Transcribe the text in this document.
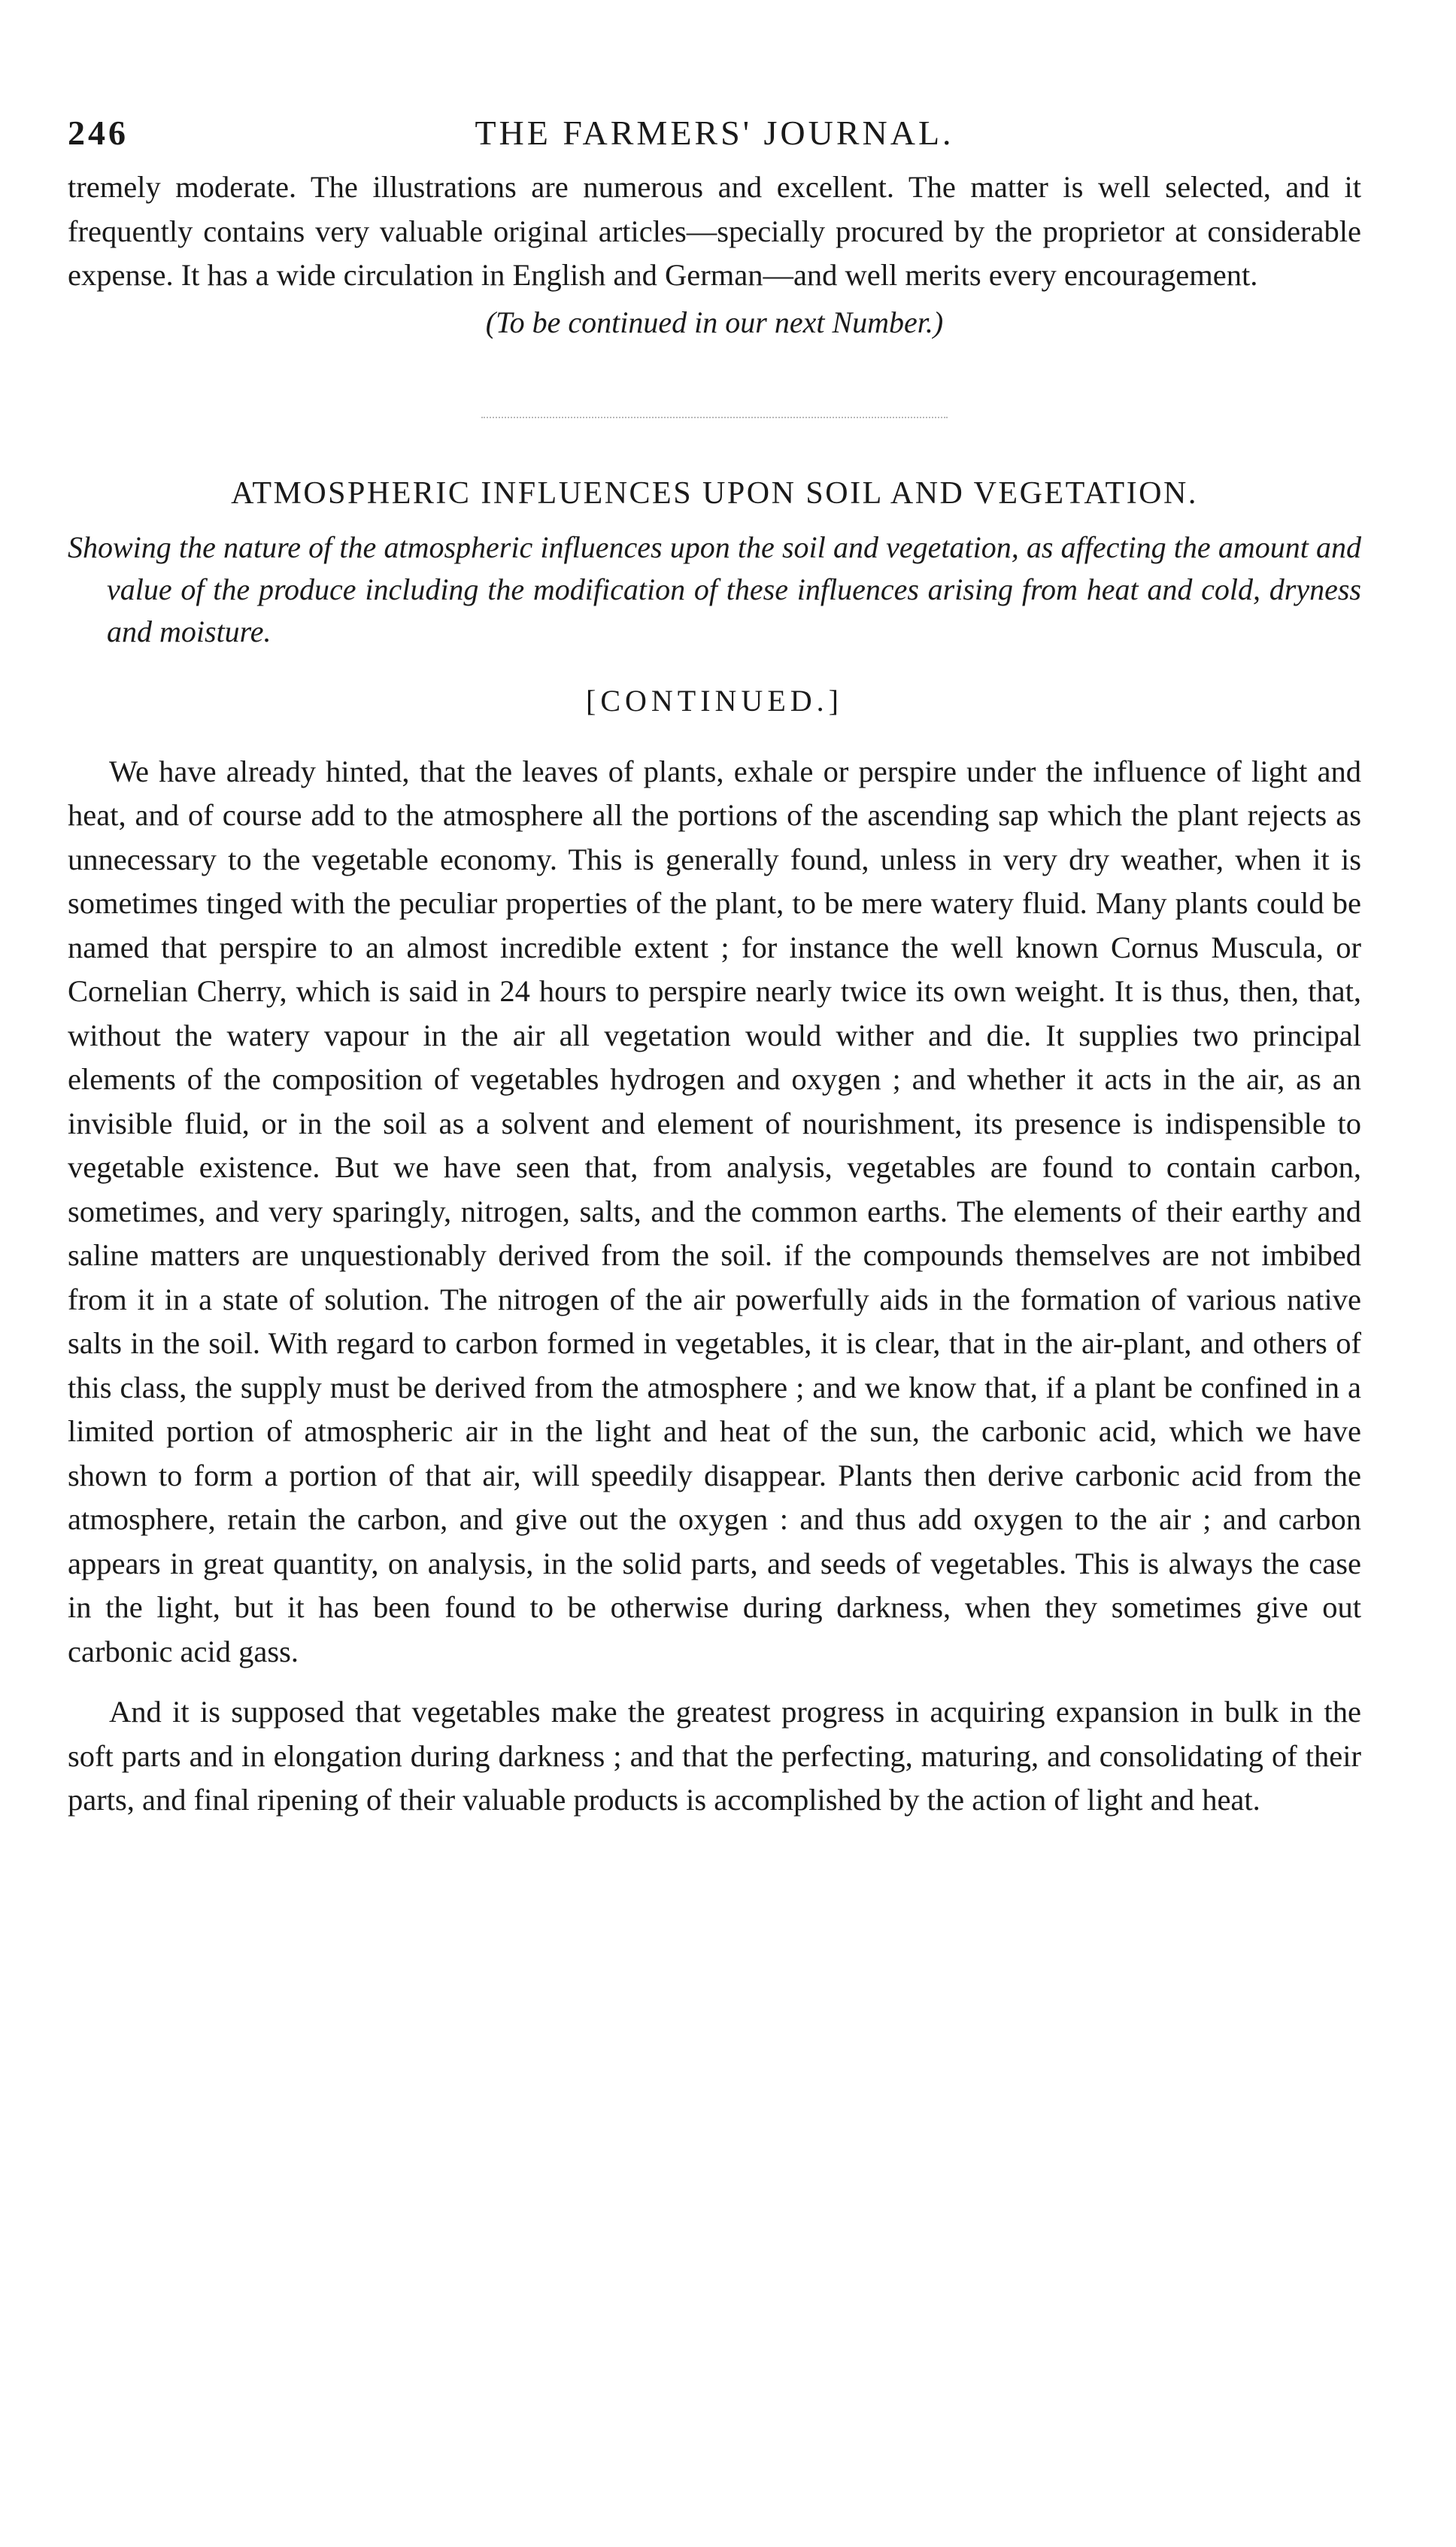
246	THE FARMERS' JOURNAL.

tremely moderate. The illustrations are numerous and excellent. The matter is well selected, and it frequently contains very valuable original articles—specially procured by the proprietor at considerable expense. It has a wide circulation in English and German—and well merits every encouragement.

(To be continued in our next Number.)
ATMOSPHERIC INFLUENCES UPON SOIL AND VEGETATION.
Showing the nature of the atmospheric influences upon the soil and vegetation, as affecting the amount and value of the produce including the modification of these influences arising from heat and cold, dryness and moisture.
[CONTINUED.]

We have already hinted, that the leaves of plants, exhale or perspire under the influence of light and heat, and of course add to the atmosphere all the portions of the ascending sap which the plant rejects as unnecessary to the vegetable economy. This is generally found, unless in very dry weather, when it is sometimes tinged with the peculiar properties of the plant, to be mere watery fluid. Many plants could be named that perspire to an almost incredible extent ; for instance the well known Cornus Muscula, or Cornelian Cherry, which is said in 24 hours to perspire nearly twice its own weight. It is thus, then, that, without the watery vapour in the air all vegetation would wither and die. It supplies two principal elements of the composition of vegetables hydrogen and oxygen ; and whether it acts in the air, as an invisible fluid, or in the soil as a solvent and element of nourishment, its presence is indispensible to vegetable existence. But we have seen that, from analysis, vegetables are found to contain carbon, sometimes, and very sparingly, nitrogen, salts, and the common earths. The elements of their earthy and saline matters are unquestionably derived from the soil. if the compounds themselves are not imbibed from it in a state of solution. The nitrogen of the air powerfully aids in the formation of various native salts in the soil. With regard to carbon formed in vegetables, it is clear, that in the air-plant, and others of this class, the supply must be derived from the atmosphere ; and we know that, if a plant be confined in a limited portion of atmospheric air in the light and heat of the sun, the carbonic acid, which we have shown to form a portion of that air, will speedily disappear. Plants then derive carbonic acid from the atmosphere, retain the carbon, and give out the oxygen : and thus add oxygen to the air ; and carbon appears in great quantity, on analysis, in the solid parts, and seeds of vegetables. This is always the case in the light, but it has been found to be otherwise during darkness, when they sometimes give out carbonic acid gass.

And it is supposed that vegetables make the greatest progress in acquiring expansion in bulk in the soft parts and in elongation during darkness ; and that the perfecting, maturing, and consolidating of their parts, and final ripening of their valuable products is accomplished by the action of light and heat.
